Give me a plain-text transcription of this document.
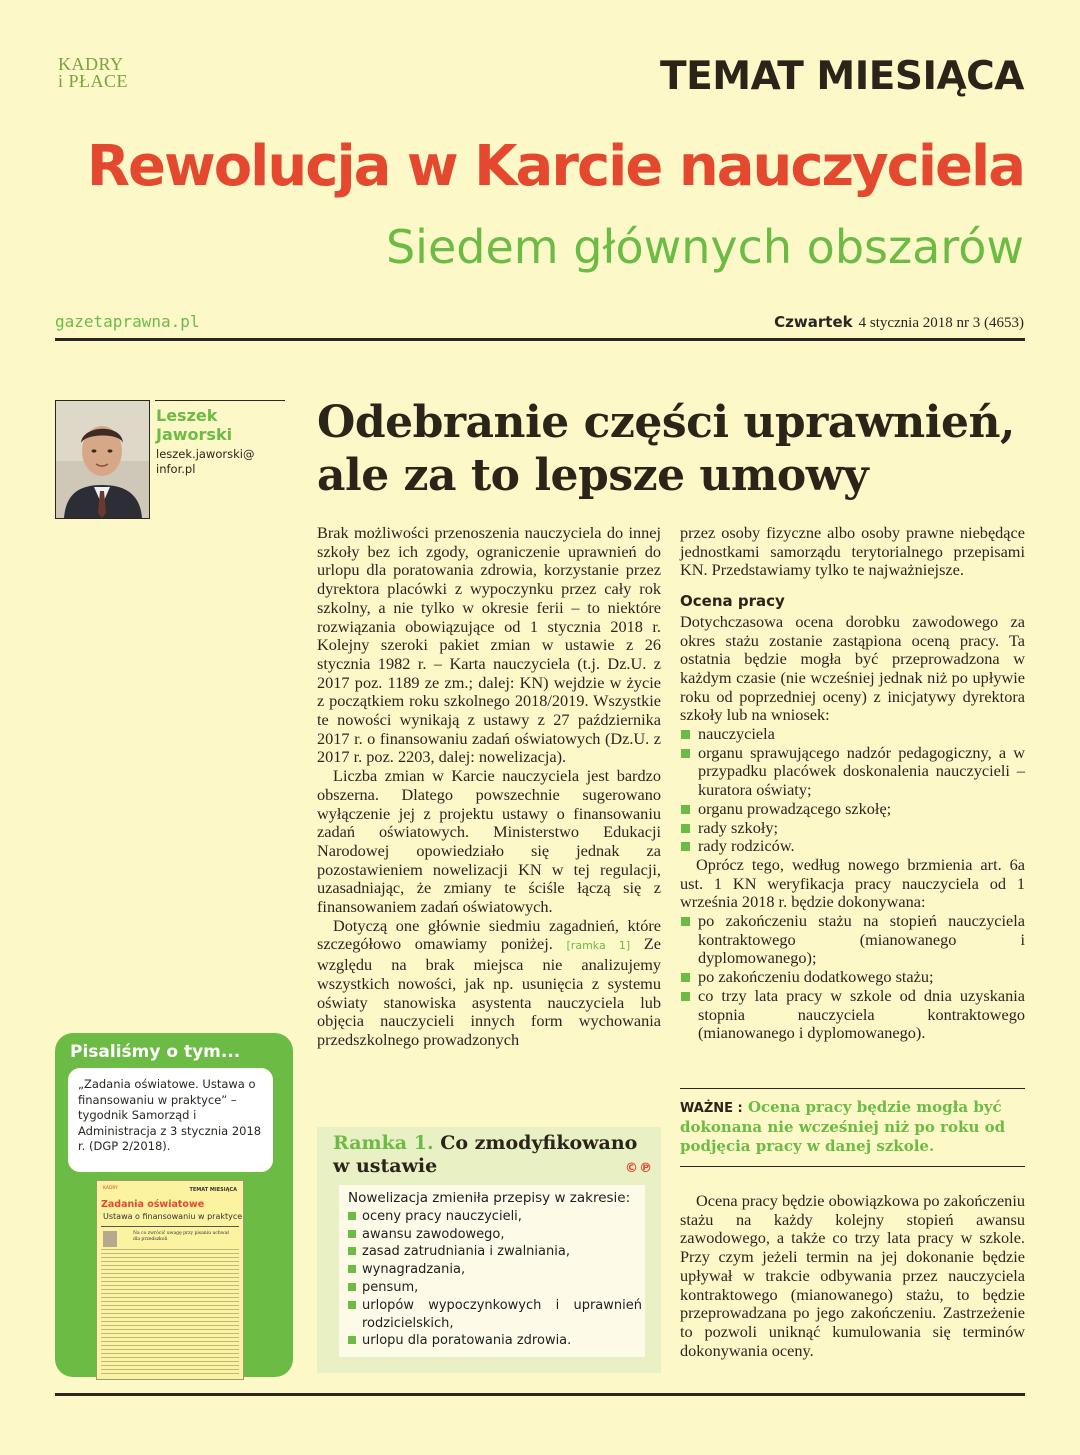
KADRY
i PŁACE	TEMAT MIESIĄCA
Rewolucja w Karcie nauczyciela
Siedem głównych obszarów
gazetaprawna.pl	Czwartek 4 stycznia 2018 nr 3 (4653)
Leszek
Jaworski
leszek.jaworski@
infor.pl
Odebranie części uprawnień,
ale za to lepsze umowy

Brak możliwości przenoszenia nauczyciela do innej szkoły bez ich zgody, ograniczenie uprawnień do urlopu dla poratowania zdrowia, korzystanie przez dyrektora placówki z wypoczynku przez cały rok szkolny, a nie tylko w okresie ferii – to niektóre rozwiązania obowiązujące od 1 stycznia 2018 r. Kolejny szeroki pakiet zmian w ustawie z 26 stycznia 1982 r. – Karta nauczyciela (t.j. Dz.U. z 2017 poz. 1189 ze zm.; dalej: KN) wejdzie w życie z początkiem roku szkolnego 2018/2019. Wszystkie te nowości wynikają z ustawy z 27 października 2017 r. o finansowaniu zadań oświatowych (Dz.U. z 2017 r. poz. 2203, dalej: nowelizacja).

Liczba zmian w Karcie nauczyciela jest bardzo obszerna. Dlatego powszechnie sugerowano wyłączenie jej z projektu ustawy o finansowaniu zadań oświatowych. Ministerstwo Edukacji Narodowej opowiedziało się jednak za pozostawieniem nowelizacji KN w tej regulacji, uzasadniając, że zmiany te ściśle łączą się z finansowaniem zadań oświatowych.

Dotyczą one głównie siedmiu zagadnień, które szczegółowo omawiamy poniżej. [ramka 1] Ze względu na brak miejsca nie analizujemy wszystkich nowości, jak np. usunięcia z systemu oświaty stanowiska asystenta nauczyciela lub objęcia nauczycieli innych form wychowania przedszkolnego prowadzonych

przez osoby fizyczne albo osoby prawne niebędące jednostkami samorządu terytorialnego przepisami KN. Przedstawiamy tylko te najważniejsze.

Ocena pracy

Dotychczasowa ocena dorobku zawodowego za okres stażu zostanie zastąpiona oceną pracy. Ta ostatnia będzie mogła być przeprowadzona w każdym czasie (nie wcześniej jednak niż po upływie roku od poprzedniej oceny) z inicjatywy dyrektora szkoły lub na wniosek:

nauczyciela
organu sprawującego nadzór pedagogiczny, a w przypadku placówek doskonalenia nauczycieli – kuratora oświaty;
organu prowadzącego szkołę;
rady szkoły;
rady rodziców.

Oprócz tego, według nowego brzmienia art. 6a ust. 1 KN weryfikacja pracy nauczyciela od 1 września 2018 r. będzie dokonywana:

po zakończeniu stażu na stopień nauczyciela kontraktowego (mianowanego i dyplomowanego);
po zakończeniu dodatkowego stażu;
co trzy lata pracy w szkole od dnia uzyskania stopnia nauczyciela kontraktowego (mianowanego i dyplomowanego).
WAŻNE : Ocena pracy będzie mogła być dokonana nie wcześniej niż po roku od podjęcia pracy w danej szkole.

Ocena pracy będzie obowiązkowa po zakończeniu stażu na każdy kolejny stopień awansu zawodowego, a także co trzy lata pracy w szkole. Przy czym jeżeli termin na jej dokonanie będzie upływał w trakcie odbywania przez nauczyciela kontraktowego (mianowanego) stażu, to będzie przeprowadzana po jego zakończeniu. Zastrzeżenie to pozwoli uniknąć kumulowania się terminów dokonywania oceny.

Pisaliśmy o tym...
„Zadania oświatowe. Ustawa o finansowaniu w praktyce” – tygodnik Samorząd i Administracja z 3 stycznia 2018 r. (DGP 2/2018).
KADRY	TEMAT MIESIĄCA
Zadania oświatowe
Ustawa o finansowaniu w praktyce
Na co zwrócić uwagę przy pisaniu uchwał dla przedszkoli
Ramka 1. Co zmodyfikowano w ustawie	©℗
Nowelizacja zmieniła przepisy w zakresie:
oceny pracy nauczycieli,
awansu zawodowego,
zasad zatrudniania i zwalniania,
wynagradzania,
pensum,
urlopów wypoczynkowych i uprawnień rodzicielskich,
urlopu dla poratowania zdrowia.
